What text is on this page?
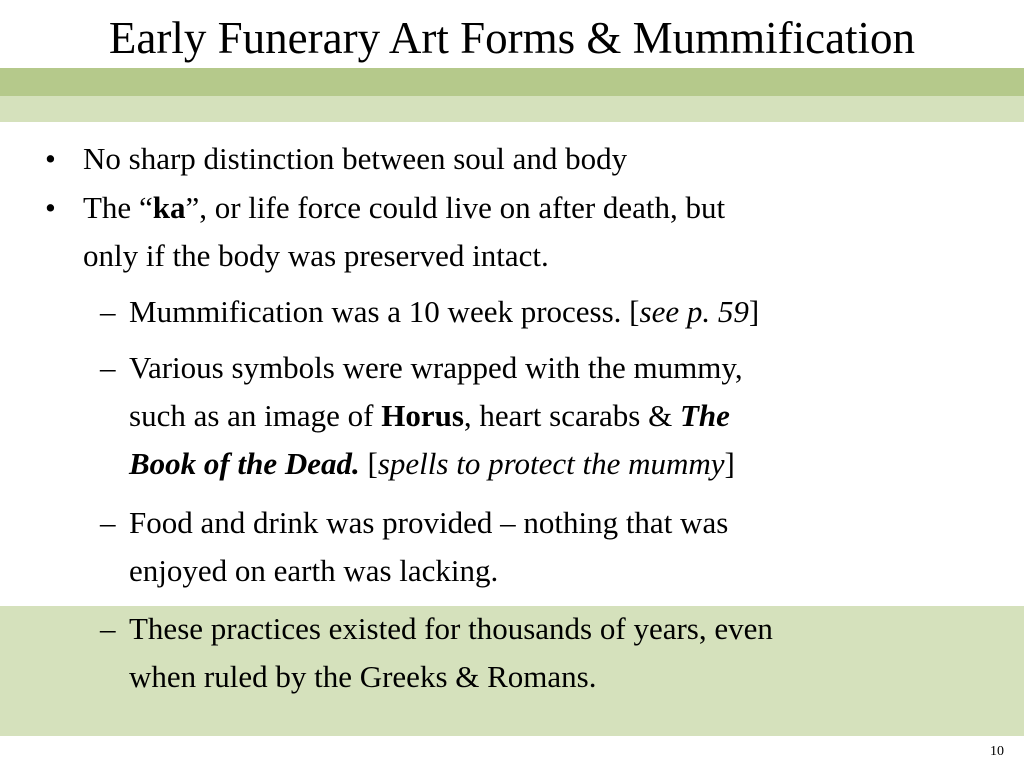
Early Funerary Art Forms & Mummification
• No sharp distinction between soul and body
• The “ka”, or life force could live on after death, but
only if the body was preserved intact.
– Mummification was a 10 week process. [see p. 59]
– Various symbols were wrapped with the mummy,
such as an image of Horus, heart scarabs & The
Book of the Dead. [spells to protect the mummy]
– Food and drink was provided – nothing that was
enjoyed on earth was lacking.
– These practices existed for thousands of years, even
when ruled by the Greeks & Romans.
10
